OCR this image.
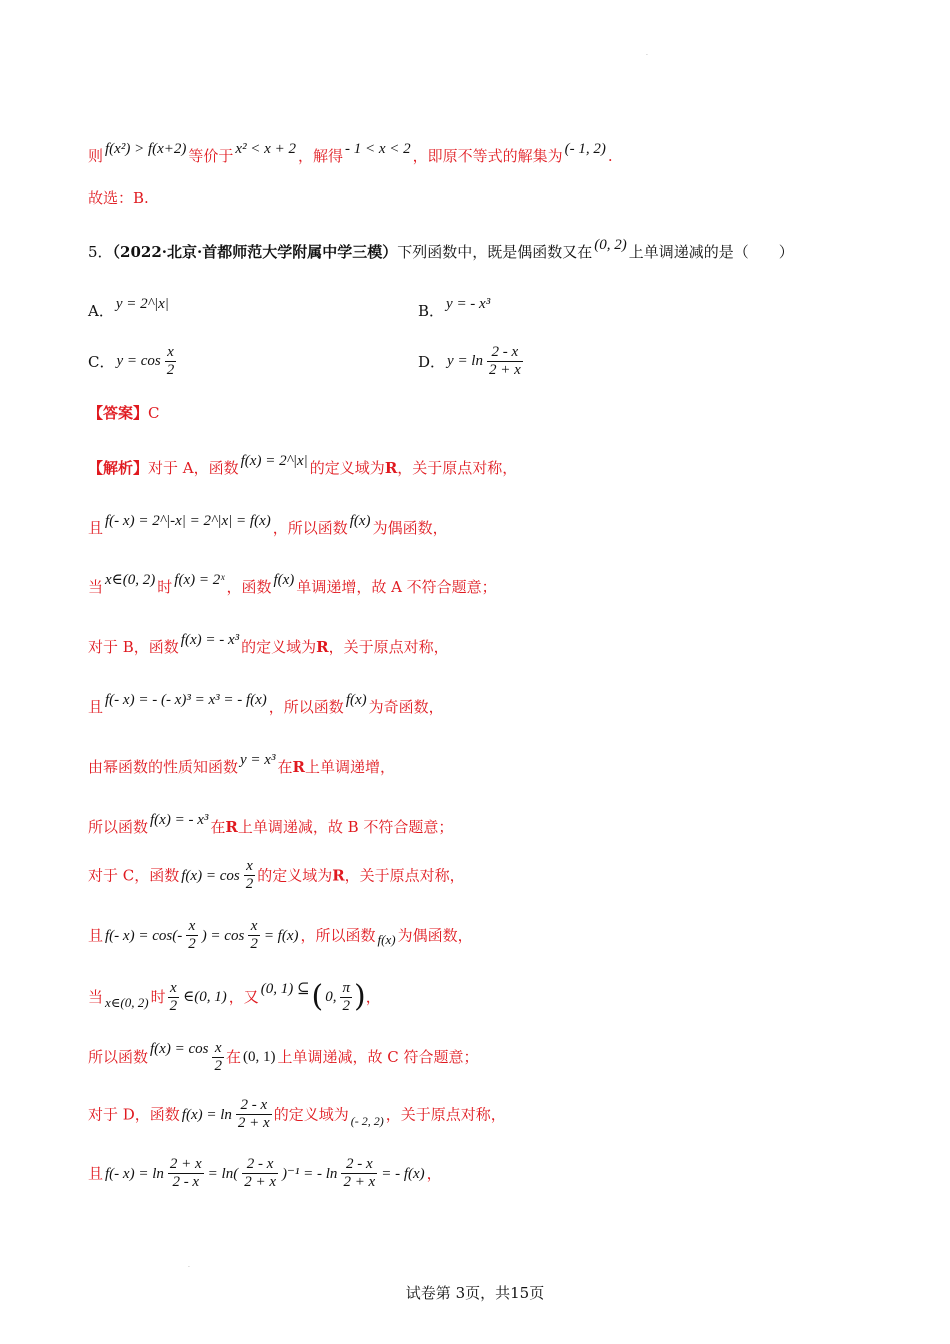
.
则 f(x²) > f(x+2) 等价于 x² < x + 2 ，解得 - 1 < x < 2 ，即原不等式的解集为 (- 1, 2) .
故选：B.
5．（2022·北京·首都师范大学附属中学三模）下列函数中，既是偶函数又在 (0, 2) 上单调递减的是（　　）
A． y = 2^|x|	B． y = - x³
C． $y = \cos \frac{x}{2}$	D． $y = \ln \frac{2 - x}{2 + x}$
【答案】C
【解析】对于 A，函数 f(x) = 2^|x| 的定义域为R，关于原点对称，
且 f(- x) = 2^|-x| = 2^|x| = f(x) ，所以函数 f(x) 为偶函数，
当 x∈(0, 2) 时 f(x) = 2ˣ ，函数 f(x) 单调递增，故 A 不符合题意；
对于 B，函数 f(x) = - x³ 的定义域为R，关于原点对称，
且 f(- x) = - (- x)³ = x³ = - f(x) ，所以函数 f(x) 为奇函数，
由幂函数的性质知函数 y = x³ 在R上单调递增，
所以函数 f(x) = - x³ 在R上单调递减，故 B 不符合题意；
对于 C，函数 $f(x) = \cos \frac{x}{2}$ 的定义域为R，关于原点对称，
且 f(- $x) = \cos(- \frac{x}{2}$ ) = $\cos \frac{x}{2} = f(x)$ ，所以函数 f(x) 为偶函数，
当 x∈(0, 2) 时 $\frac{x}{2}$ ∈(0, 1) ，又 (0, 1) ⊆( 0, $\frac{\pi}{2}$ )，
所以函数 $f(x) = \cos \frac{x}{2}$ 在 (0, 1) 上单调递减，故 C 符合题意；
对于 D，函数 $f(x) = \ln \frac{2 - x}{2 + x}$ 的定义域为 (- 2, 2) ，关于原点对称，
且 f(- $x) = \ln \frac{2 + x}{2 - x} = \ln( \frac{2 - x}{2 + x} )^{-1}$ = - $\ln \frac{2 - x}{2 + x}$ = - f(x) ，
.
试卷第 3页，共15页
